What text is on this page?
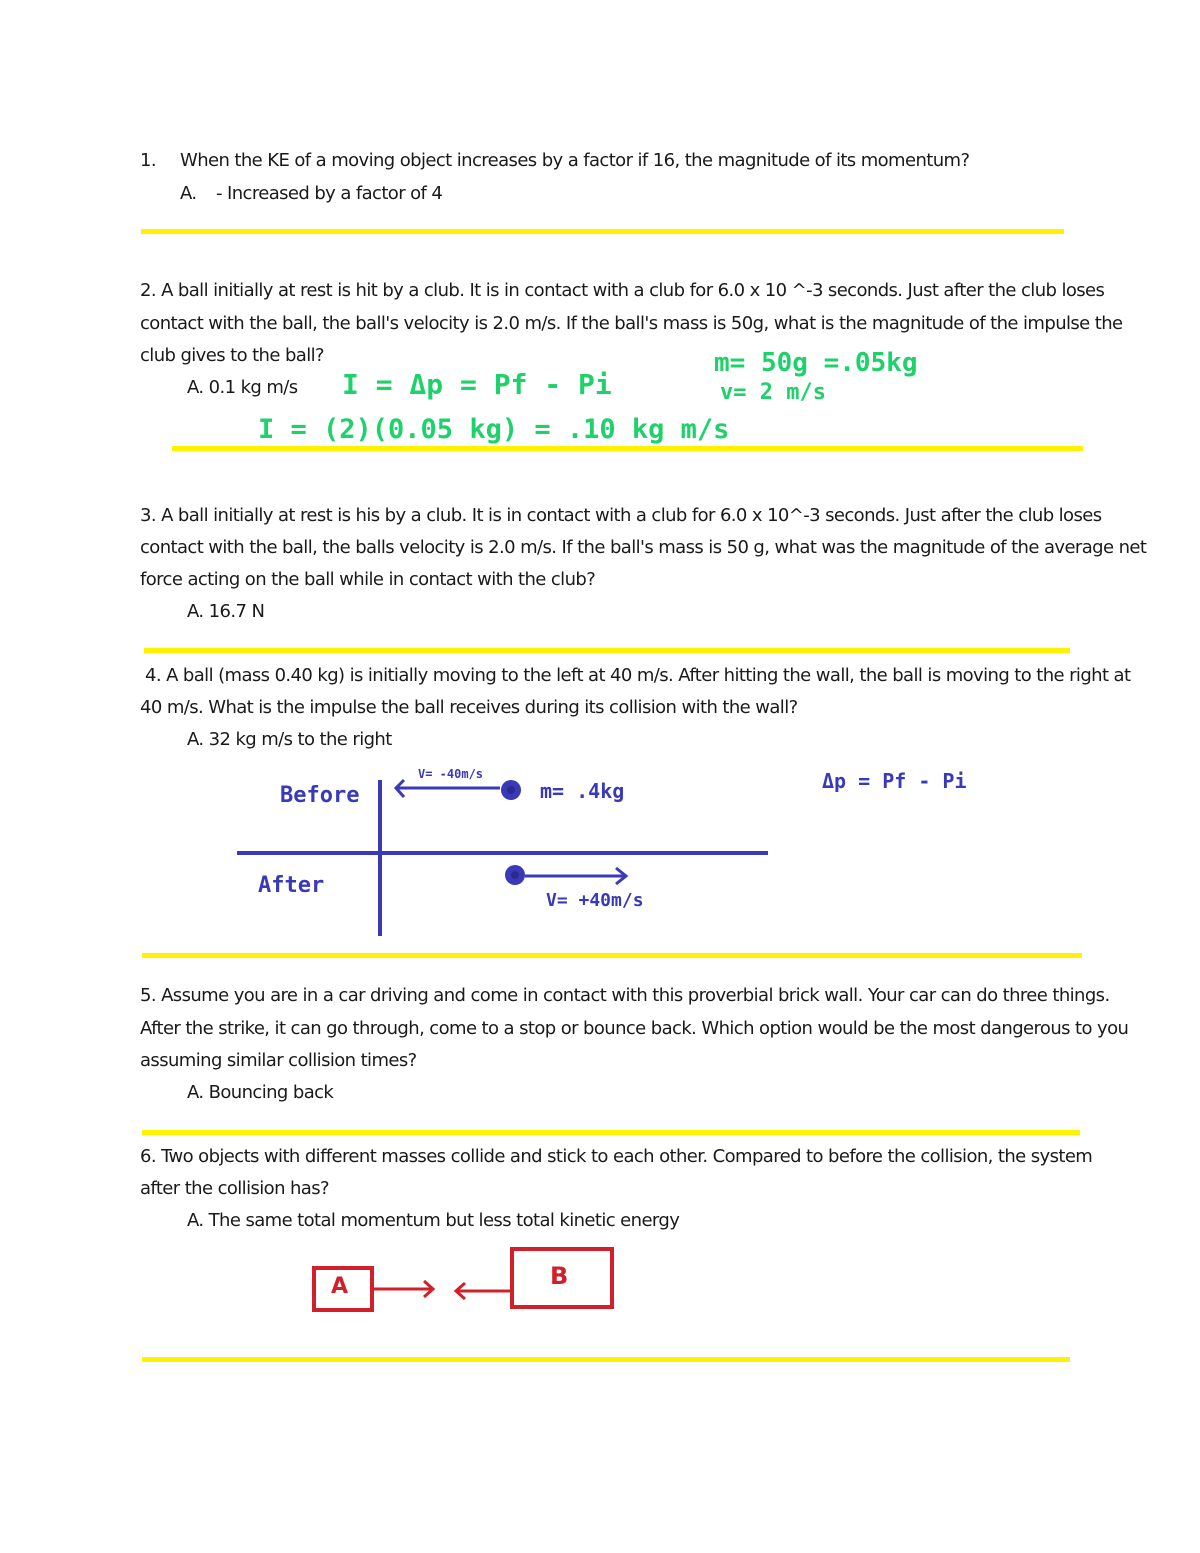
1. When the KE of a moving object increases by a factor if 16, the magnitude of its momentum?
A. - Increased by a factor of 4
2. A ball initially at rest is hit by a club. It is in contact with a club for 6.0 x 10 ^-3 seconds. Just after the club loses
contact with the ball, the ball's velocity is 2.0 m/s. If the ball's mass is 50g, what is the magnitude of the impulse the
club gives to the ball?
A. 0.1 kg m/s I = Δp = Pf - Pi
m= 50g =.05kg
v= 2 m/s
I = (2)(0.05 kg) = .10 kg m/s
3. A ball initially at rest is his by a club. It is in contact with a club for 6.0 x 10^-3 seconds. Just after the club loses
contact with the ball, the balls velocity is 2.0 m/s. If the ball's mass is 50 g, what was the magnitude of the average net
force acting on the ball while in contact with the club?
A. 16.7 N
4. A ball (mass 0.40 kg) is initially moving to the left at 40 m/s. After hitting the wall, the ball is moving to the right at
40 m/s. What is the impulse the ball receives during its collision with the wall?
A. 32 kg m/s to the right
Before
After
V= -40m/s
m= .4kg	Δp = Pf - Pi
V= +40m/s
5. Assume you are in a car driving and come in contact with this proverbial brick wall. Your car can do three things.
After the strike, it can go through, come to a stop or bounce back. Which option would be the most dangerous to you
assuming similar collision times?
A. Bouncing back
6. Two objects with different masses collide and stick to each other. Compared to before the collision, the system
after the collision has?
A. The same total momentum but less total kinetic energy
A	B
